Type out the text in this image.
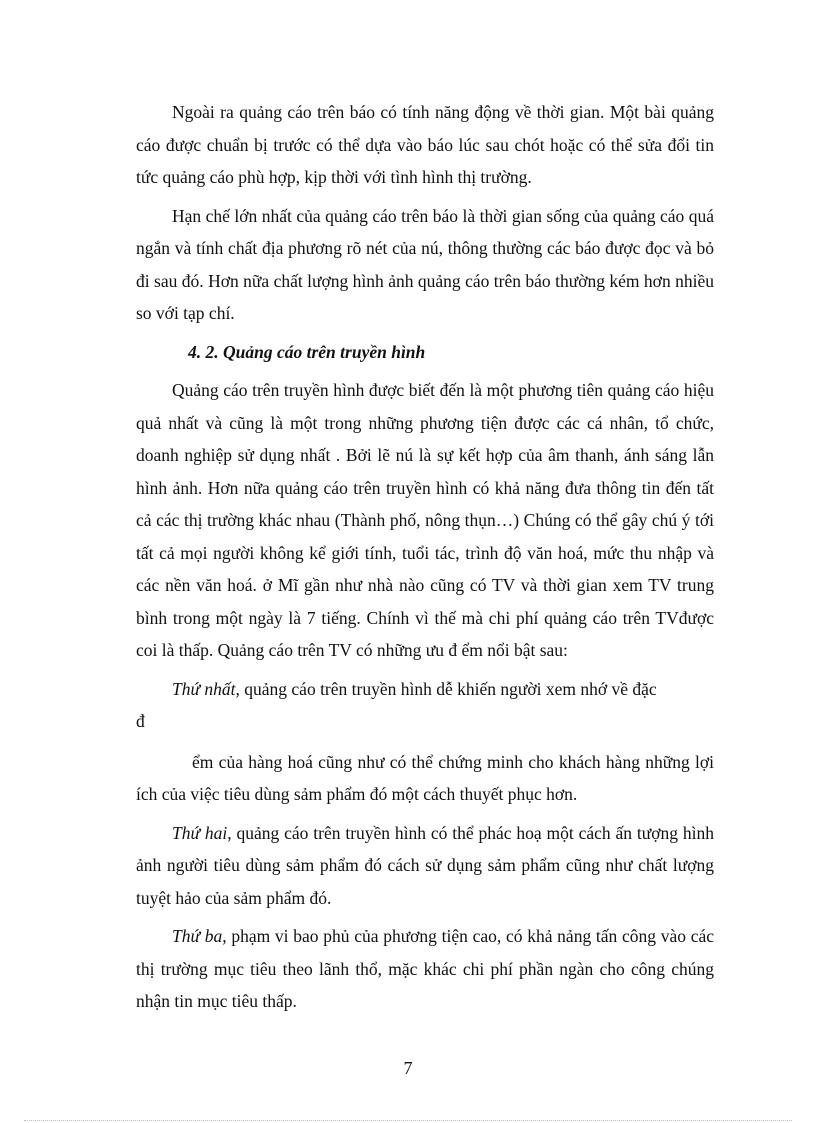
Ngoài ra quảng cáo trên báo có tính năng động về thời gian. Một bài quảng cáo được chuẩn bị trước có thể dựa vào báo lúc sau chót hoặc có thể sửa đổi tin tức quảng cáo phù hợp, kịp thời với tình hình thị trường.

Hạn chế lớn nhất của quảng cáo trên báo là thời gian sống của quảng cáo quá ngắn và tính chất địa phương rõ nét của nú, thông thường các báo được đọc và bỏ đi sau đó. Hơn nữa chất lượng hình ảnh quảng cáo trên báo thường kém hơn nhiều so với tạp chí.

4. 2. Quảng cáo trên truyền hình

Quảng cáo trên truyền hình được biết đến là một phương tiên quảng cáo hiệu quả nhất và cũng là một trong những phương tiện được các cá nhân, tổ chức, doanh nghiệp sử dụng nhất . Bởi lẽ nú là sự kết hợp của âm thanh, ánh sáng lẫn hình ảnh. Hơn nữa quảng cáo trên truyền hình có khả năng đưa thông tin đến tất cả các thị trường khác nhau (Thành phố, nông thụn…) Chúng có thể gây chú ý tới tất cả mọi người không kể giới tính, tuổi tác, trình độ văn hoá, mức thu nhập và các nền văn hoá. ở Mĩ gần như nhà nào cũng có TV và thời gian xem TV trung bình trong một ngày là 7 tiếng. Chính vì thế mà chi phí quảng cáo trên TVđược coi là thấp. Quảng cáo trên TV có những ưu đ ểm nổi bật sau:

Thứ nhất, quảng cáo trên truyền hình dễ khiến người xem nhớ về đặc

đ

ểm của hàng hoá cũng như có thể chứng minh cho khách hàng những lợi ích của việc tiêu dùng sảm phẩm đó một cách thuyết phục hơn.

Thứ hai, quảng cáo trên truyền hình có thể phác hoạ một cách ấn tượng hình ảnh người tiêu dùng sảm phẩm đó cách sử dụng sảm phẩm cũng như chất lượng tuyệt hảo của sảm phẩm đó.

Thứ ba, phạm vi bao phủ của phương tiện cao, có khả nảng tấn công vào các thị trường mục tiêu theo lãnh thổ, mặc khác chi phí phần ngàn cho công chúng nhận tin mục tiêu thấp.

7
